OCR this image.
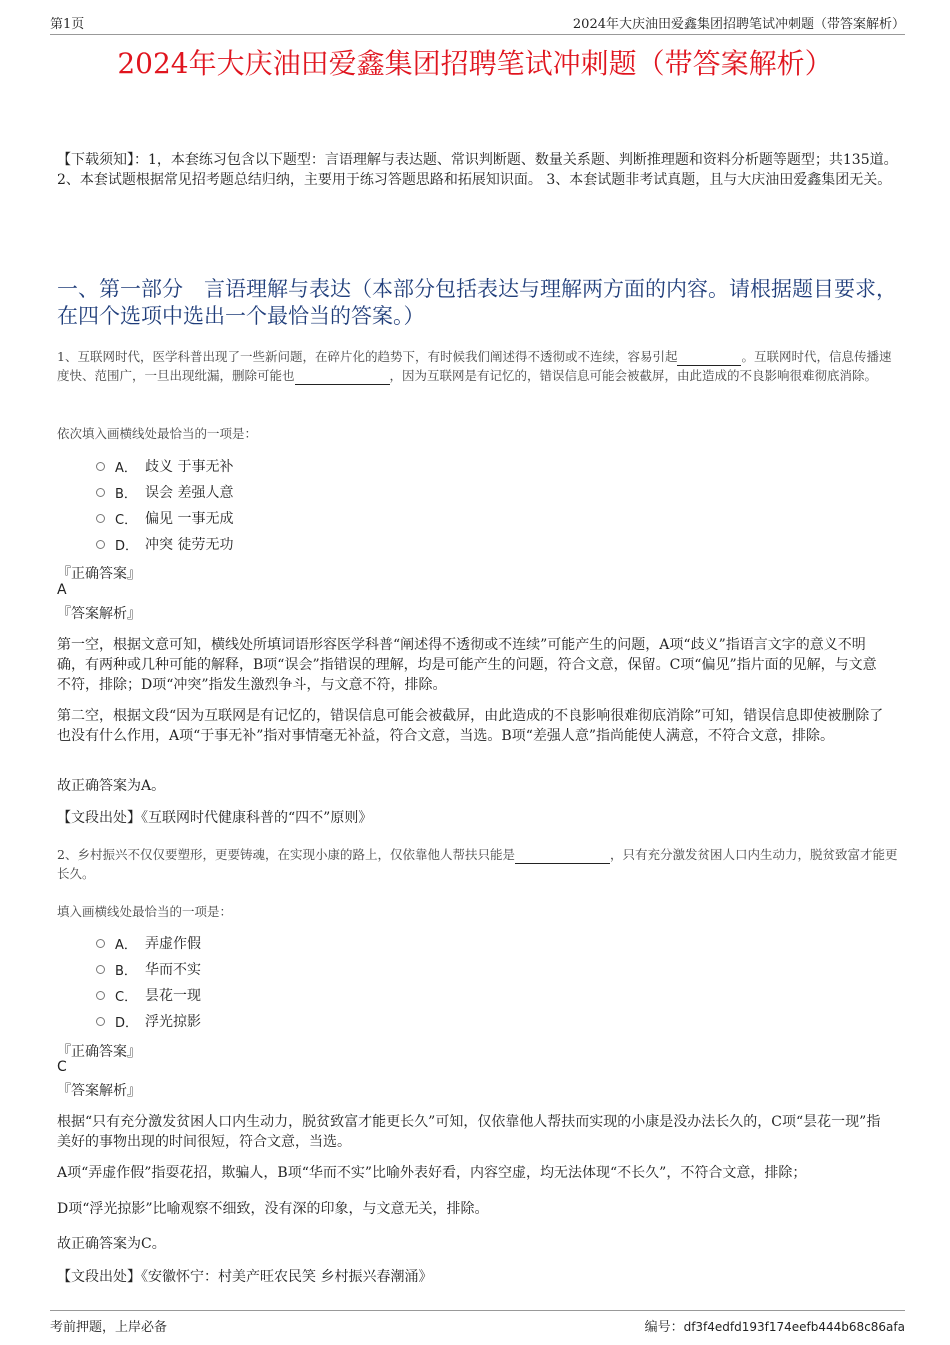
第1页	2024年大庆油田爱鑫集团招聘笔试冲刺题（带答案解析）
2024年大庆油田爱鑫集团招聘笔试冲刺题（带答案解析）
【下载须知】：1，本套练习包含以下题型：言语理解与表达题、常识判断题、数量关系题、判断推理题和资料分析题等题型；共135道。 2、本套试题根据常见招考题总结归纳，主要用于练习答题思路和拓展知识面。 3、本套试题非考试真题，且与大庆油田爱鑫集团无关。
一、第一部分　言语理解与表达（本部分包括表达与理解两方面的内容。请根据题目要求，在四个选项中选出一个最恰当的答案。）
1、互联网时代，医学科普出现了一些新问题，在碎片化的趋势下，有时候我们阐述得不透彻或不连续，容易引起	。互联网时代，信息传播速度快、范围广，一旦出现纰漏，删除可能也	，因为互联网是有记忆的，错误信息可能会被截屏，由此造成的不良影响很难彻底消除。
依次填入画横线处最恰当的一项是：
A． 歧义 于事无补
B． 误会 差强人意
C． 偏见 一事无成
D． 冲突 徒劳无功
『正确答案』
A
『答案解析』
第一空，根据文意可知，横线处所填词语形容医学科普“阐述得不透彻或不连续”可能产生的问题，A项“歧义”指语言文字的意义不明确，有两种或几种可能的解释，B项“误会”指错误的理解，均是可能产生的问题，符合文意，保留。C项“偏见”指片面的见解，与文意不符，排除；D项“冲突”指发生激烈争斗，与文意不符，排除。
第二空，根据文段“因为互联网是有记忆的，错误信息可能会被截屏，由此造成的不良影响很难彻底消除”可知，错误信息即使被删除了也没有什么作用，A项“于事无补”指对事情毫无补益，符合文意，当选。B项“差强人意”指尚能使人满意，不符合文意，排除。
故正确答案为A。
【文段出处】《互联网时代健康科普的“四不”原则》
2、乡村振兴不仅仅要塑形，更要铸魂，在实现小康的路上，仅依靠他人帮扶只能是	，只有充分激发贫困人口内生动力，脱贫致富才能更长久。
填入画横线处最恰当的一项是：
A． 弄虚作假
B． 华而不实
C． 昙花一现
D． 浮光掠影
『正确答案』
C
『答案解析』
根据“只有充分激发贫困人口内生动力，脱贫致富才能更长久”可知，仅依靠他人帮扶而实现的小康是没办法长久的，C项“昙花一现”指美好的事物出现的时间很短，符合文意，当选。
A项“弄虚作假”指耍花招，欺骗人，B项“华而不实”比喻外表好看，内容空虚，均无法体现“不长久”，不符合文意，排除；
D项“浮光掠影”比喻观察不细致，没有深的印象，与文意无关，排除。
故正确答案为C。
【文段出处】《安徽怀宁：村美产旺农民笑 乡村振兴春潮涌》
考前押题，上岸必备	编号：df3f4edfd193f174eefb444b68c86afa
